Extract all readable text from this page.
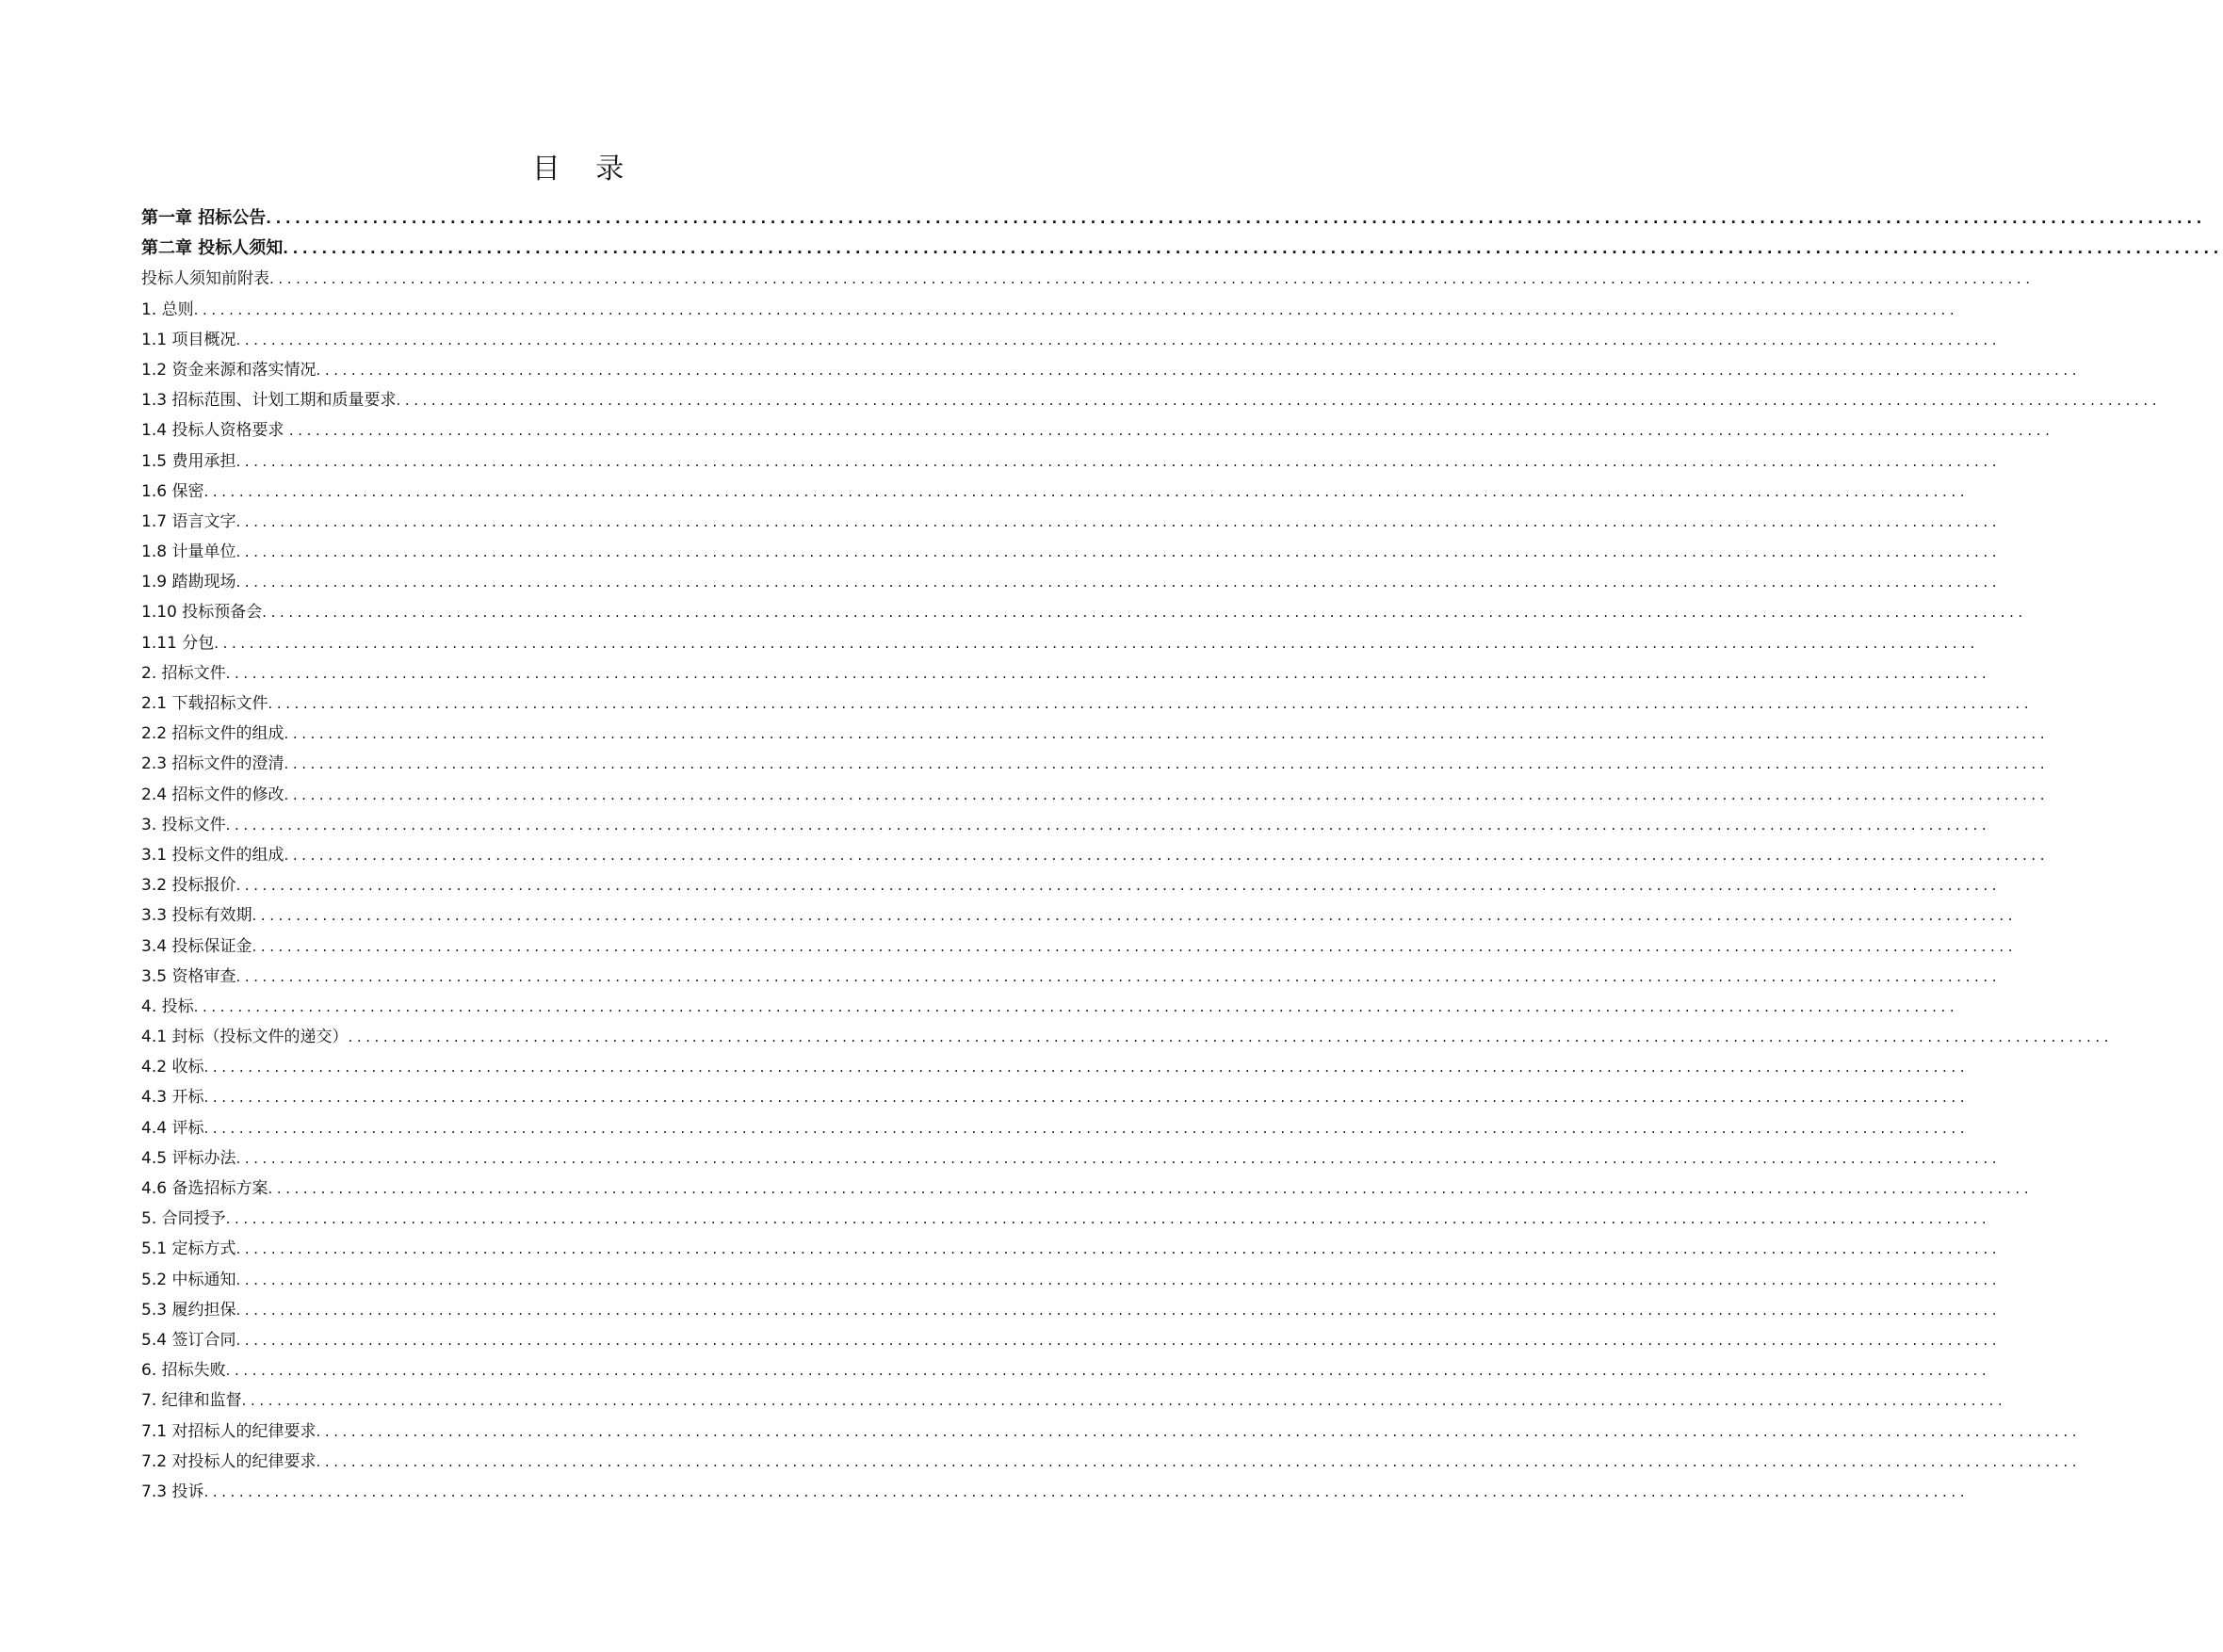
目 录
第一章 招标公告........................................................................................................................................................................................................
第二章 投标人须知........................................................................................................................................................................................................
投标人须知前附表........................................................................................................................................................................................................
1. 总则........................................................................................................................................................................................................
1.1 项目概况........................................................................................................................................................................................................
1.2 资金来源和落实情况........................................................................................................................................................................................................
1.3 招标范围、计划工期和质量要求........................................................................................................................................................................................................
1.4 投标人资格要求 ........................................................................................................................................................................................................
1.5 费用承担........................................................................................................................................................................................................
1.6 保密........................................................................................................................................................................................................
1.7 语言文字........................................................................................................................................................................................................
1.8 计量单位........................................................................................................................................................................................................
1.9 踏勘现场........................................................................................................................................................................................................
1.10 投标预备会........................................................................................................................................................................................................
1.11 分包........................................................................................................................................................................................................
2. 招标文件........................................................................................................................................................................................................
2.1 下载招标文件........................................................................................................................................................................................................
2.2 招标文件的组成........................................................................................................................................................................................................
2.3 招标文件的澄清........................................................................................................................................................................................................
2.4 招标文件的修改........................................................................................................................................................................................................
3. 投标文件........................................................................................................................................................................................................
3.1 投标文件的组成........................................................................................................................................................................................................
3.2 投标报价........................................................................................................................................................................................................
3.3 投标有效期........................................................................................................................................................................................................
3.4 投标保证金........................................................................................................................................................................................................
3.5 资格审查........................................................................................................................................................................................................
4. 投标........................................................................................................................................................................................................
4.1 封标（投标文件的递交）........................................................................................................................................................................................................
4.2 收标........................................................................................................................................................................................................
4.3 开标........................................................................................................................................................................................................
4.4 评标........................................................................................................................................................................................................
4.5 评标办法........................................................................................................................................................................................................
4.6 备选招标方案........................................................................................................................................................................................................
5. 合同授予........................................................................................................................................................................................................
5.1 定标方式........................................................................................................................................................................................................
5.2 中标通知........................................................................................................................................................................................................
5.3 履约担保........................................................................................................................................................................................................
5.4 签订合同........................................................................................................................................................................................................
6. 招标失败........................................................................................................................................................................................................
7. 纪律和监督........................................................................................................................................................................................................
7.1 对招标人的纪律要求........................................................................................................................................................................................................
7.2 对投标人的纪律要求........................................................................................................................................................................................................
7.3 投诉........................................................................................................................................................................................................
